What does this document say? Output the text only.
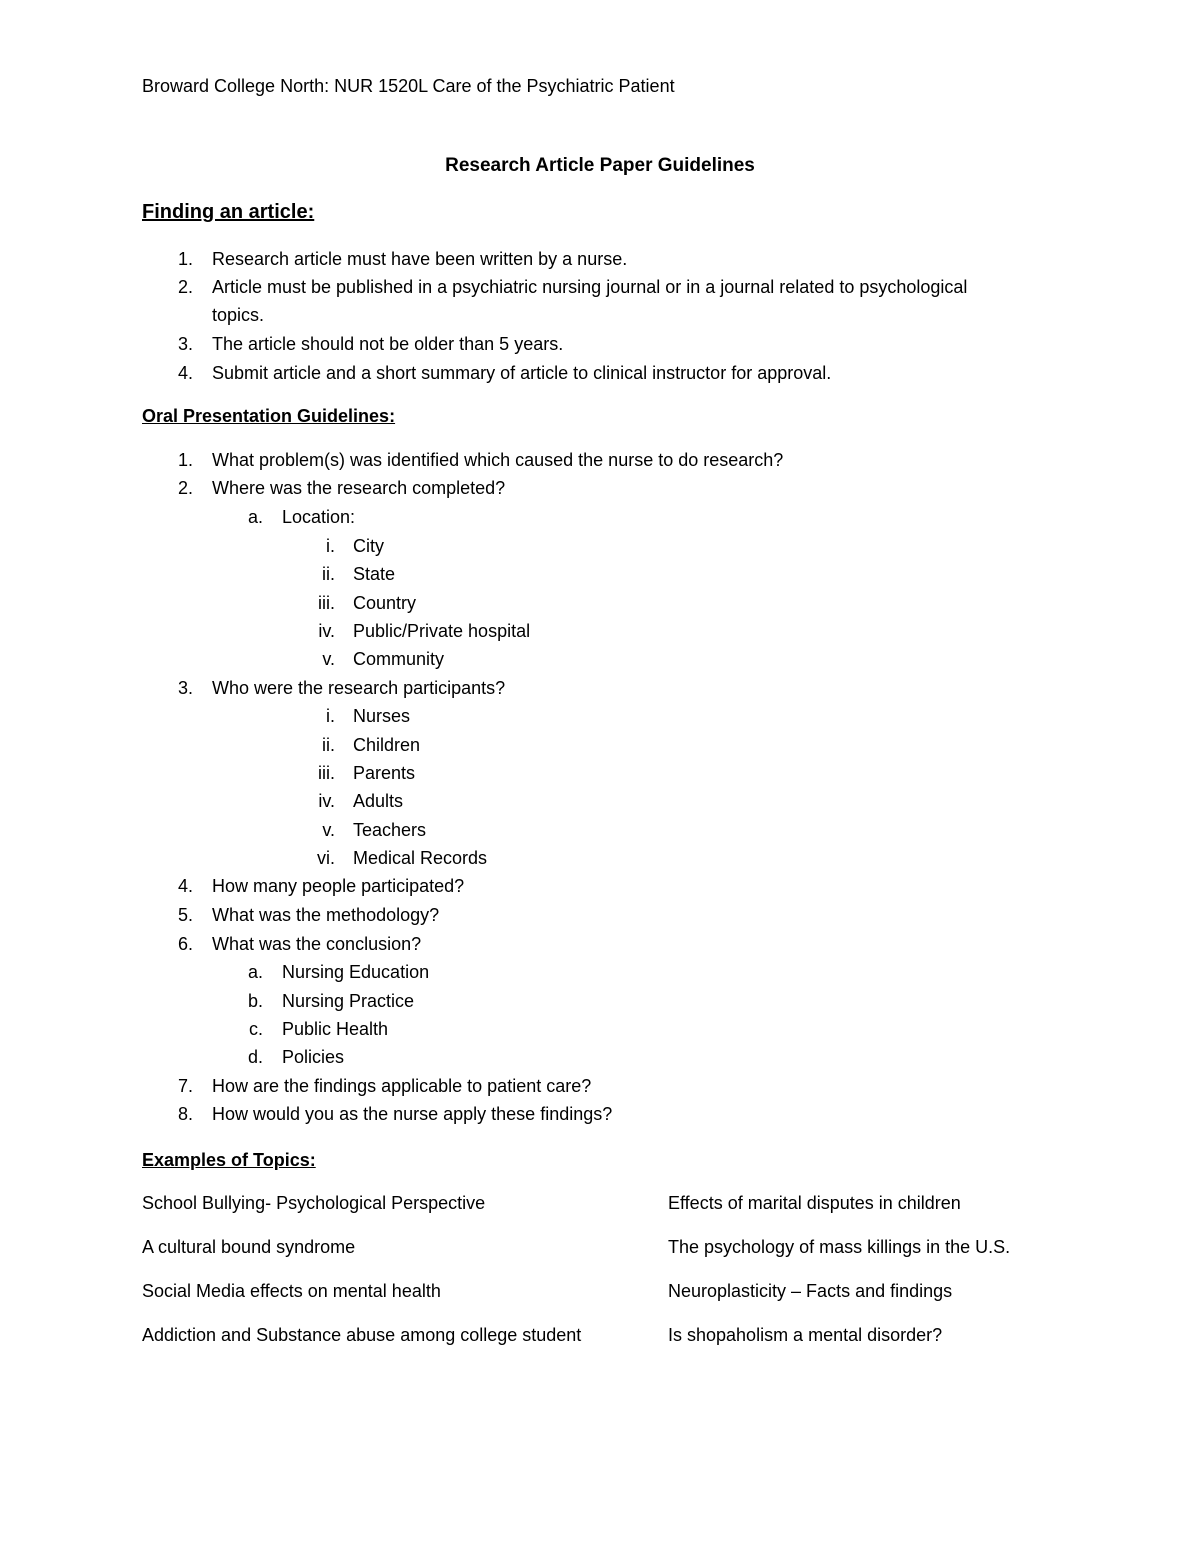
Broward College North: NUR 1520L Care of the Psychiatric Patient
Research Article Paper Guidelines
Finding an article:
1. Research article must have been written by a nurse.
2. Article must be published in a psychiatric nursing journal or in a journal related to psychological
topics.
3. The article should not be older than 5 years.
4. Submit article and a short summary of article to clinical instructor for approval.
Oral Presentation Guidelines:
1. What problem(s) was identified which caused the nurse to do research?
2. Where was the research completed?
a. Location:
i. City
ii. State
iii. Country
iv. Public/Private hospital
v. Community
3. Who were the research participants?
i. Nurses
ii. Children
iii. Parents
iv. Adults
v. Teachers
vi. Medical Records
4. How many people participated?
5. What was the methodology?
6. What was the conclusion?
a. Nursing Education
b. Nursing Practice
c. Public Health
d. Policies
7. How are the findings applicable to patient care?
8. How would you as the nurse apply these findings?
Examples of Topics:
School Bullying- Psychological Perspective	Effects of marital disputes in children
A cultural bound syndrome	The psychology of mass killings in the U.S.
Social Media effects on mental health	Neuroplasticity – Facts and findings
Addiction and Substance abuse among college student	Is shopaholism a mental disorder?
